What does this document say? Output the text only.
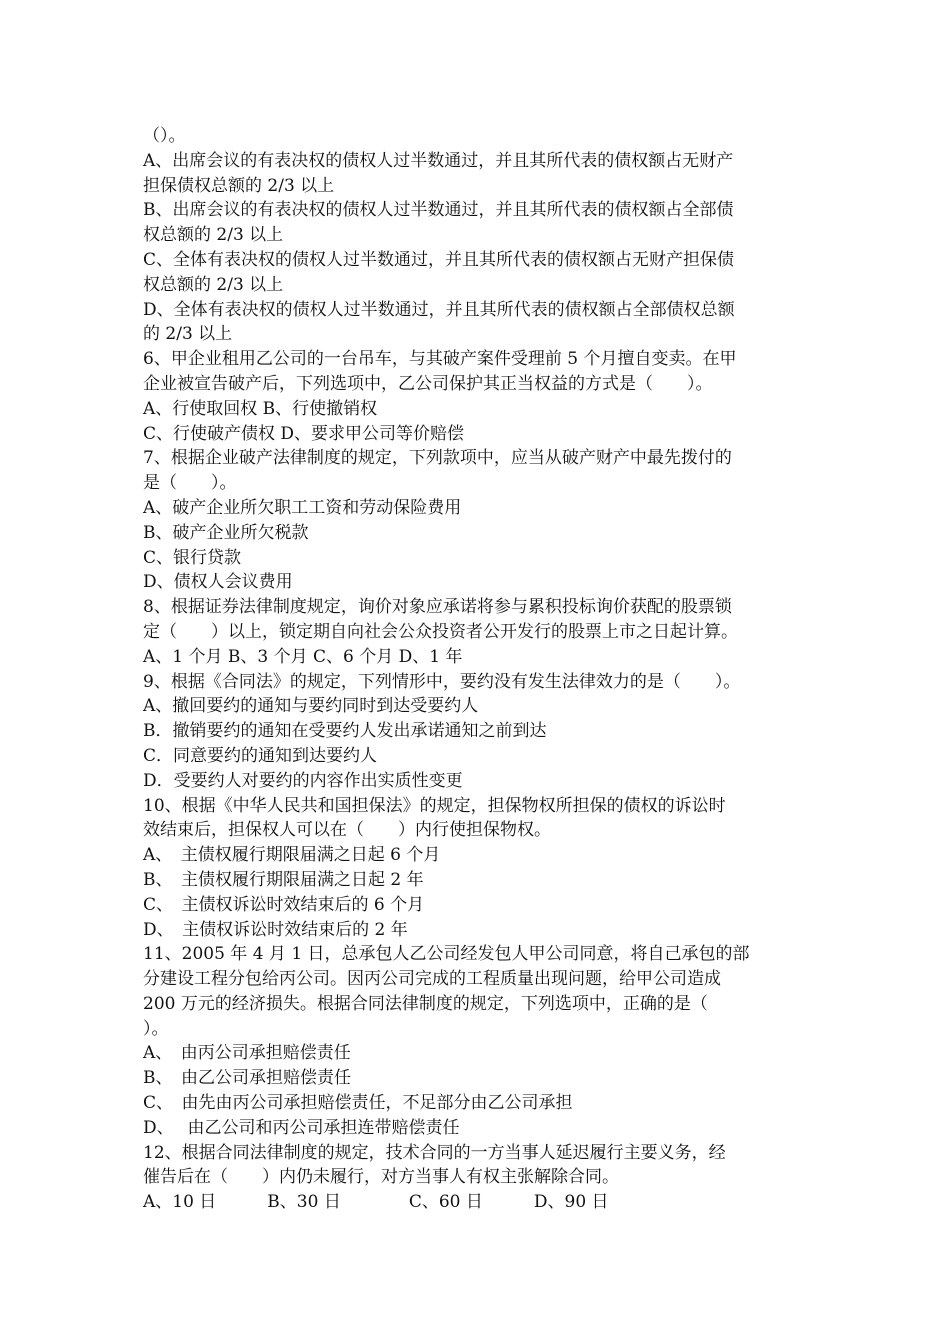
（）。

A、出席会议的有表决权的债权人过半数通过，并且其所代表的债权额占无财产

担保债权总额的 2/3 以上

B、出席会议的有表决权的债权人过半数通过，并且其所代表的债权额占全部债

权总额的 2/3 以上

C、全体有表决权的债权人过半数通过，并且其所代表的债权额占无财产担保债

权总额的 2/3 以上

D、全体有表决权的债权人过半数通过，并且其所代表的债权额占全部债权总额

的 2/3 以上

6、甲企业租用乙公司的一台吊车，与其破产案件受理前 5 个月擅自变卖。在甲

企业被宣告破产后，下列选项中，乙公司保护其正当权益的方式是（　　）。

A、行使取回权 B、行使撤销权

C、行使破产债权 D、要求甲公司等价赔偿

7、根据企业破产法律制度的规定，下列款项中，应当从破产财产中最先拨付的

是（　　）。

A、破产企业所欠职工工资和劳动保险费用

B、破产企业所欠税款

C、银行贷款

D、债权人会议费用

8、根据证券法律制度规定，询价对象应承诺将参与累积投标询价获配的股票锁

定（　　）以上，锁定期自向社会公众投资者公开发行的股票上市之日起计算。

A、1 个月 B、3 个月 C、6 个月 D、1 年

9、根据《合同法》的规定，下列情形中，要约没有发生法律效力的是（　　）。

A、撤回要约的通知与要约同时到达受要约人

B．撤销要约的通知在受要约人发出承诺通知之前到达

C．同意要约的通知到达要约人

D．受要约人对要约的内容作出实质性变更

10、根据《中华人民共和国担保法》的规定，担保物权所担保的债权的诉讼时

效结束后，担保权人可以在（　　）内行使担保物权。

A、　主债权履行期限届满之日起 6 个月

B、　主债权履行期限届满之日起 2 年

C、　主债权诉讼时效结束后的 6 个月

D、　主债权诉讼时效结束后的 2 年

11、2005 年 4 月 1 日，总承包人乙公司经发包人甲公司同意，将自己承包的部

分建设工程分包给丙公司。因丙公司完成的工程质量出现问题，给甲公司造成

200 万元的经济损失。根据合同法律制度的规定，下列选项中，正确的是（

）。

A、　由丙公司承担赔偿责任

B、　由乙公司承担赔偿责任

C、　由先由丙公司承担赔偿责任，不足部分由乙公司承担

D、　 由乙公司和丙公司承担连带赔偿责任

12、根据合同法律制度的规定，技术合同的一方当事人延迟履行主要义务，经

催告后在（　　）内仍未履行，对方当事人有权主张解除合同。

A、10 日　　　B、30 日　　　　C、60 日　　　D、90 日
